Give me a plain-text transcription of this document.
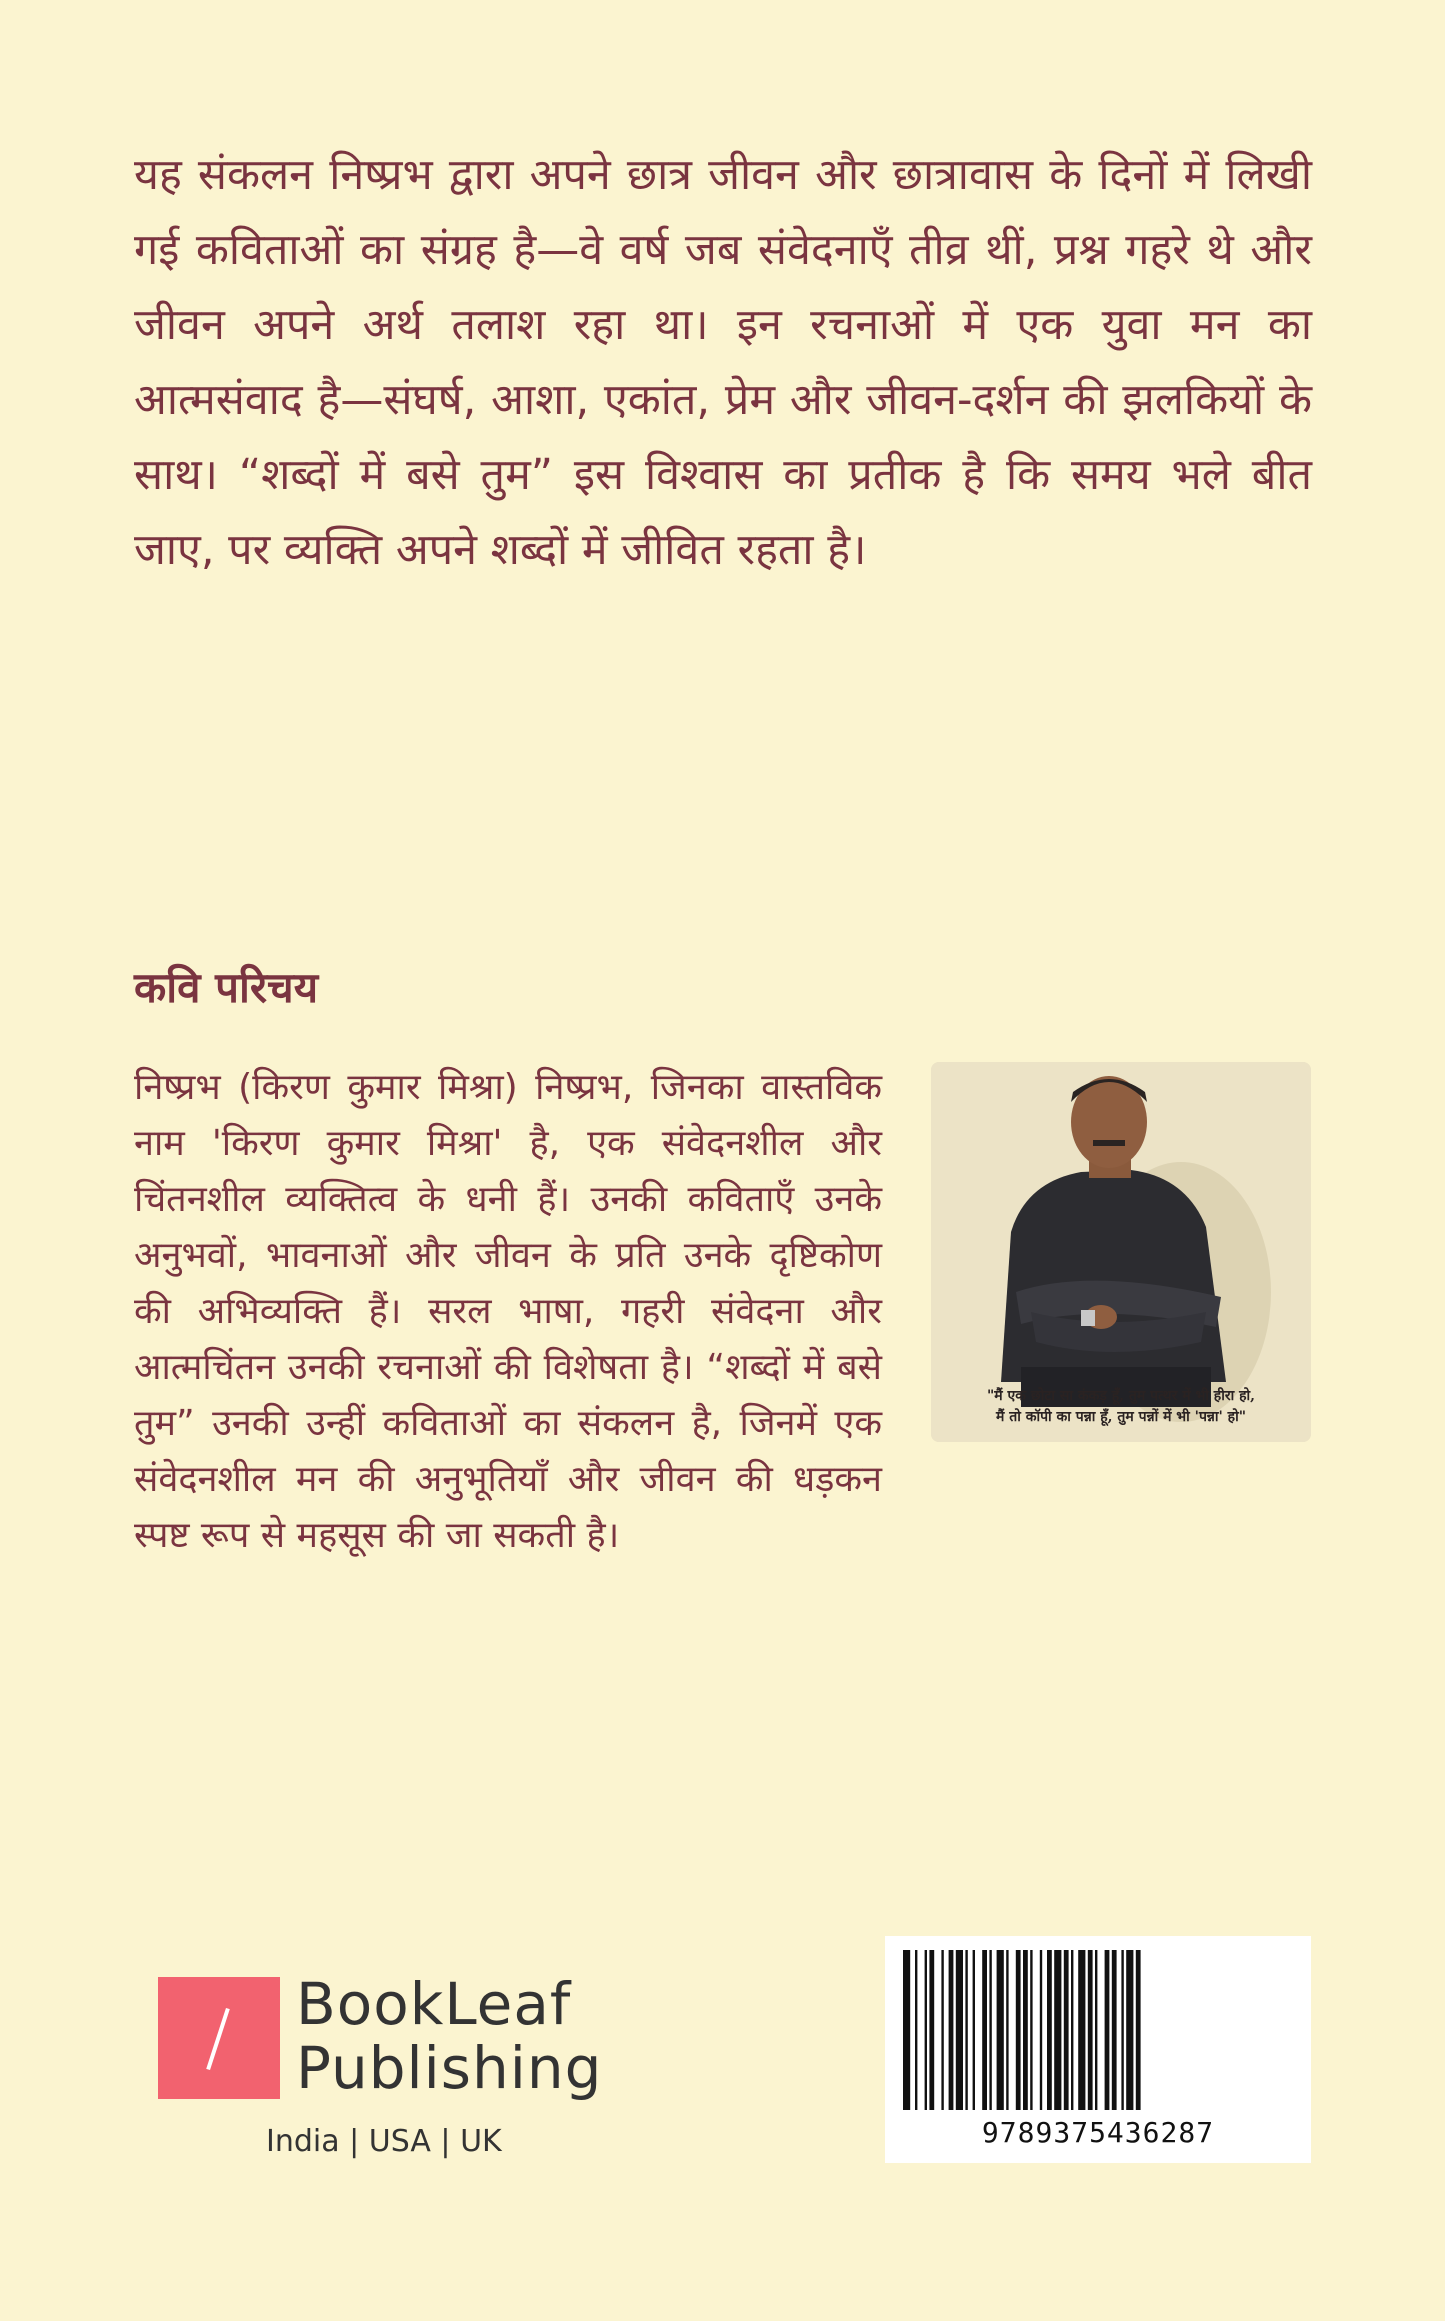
यह संकलन निष्प्रभ द्वारा अपने छात्र जीवन और छात्रावास के दिनों में लिखी गई कविताओं का संग्रह है—वे वर्ष जब संवेदनाएँ तीव्र थीं, प्रश्न गहरे थे और जीवन अपने अर्थ तलाश रहा था। इन रचनाओं में एक युवा मन का आत्मसंवाद है—संघर्ष, आशा, एकांत, प्रेम और जीवन-दर्शन की झलकियों के साथ। “शब्दों में बसे तुम” इस विश्वास का प्रतीक है कि समय भले बीत जाए, पर व्यक्ति अपने शब्दों में जीवित रहता है।

कवि परिचय

निष्प्रभ (किरण कुमार मिश्रा) निष्प्रभ, जिनका वास्तविक नाम 'किरण कुमार मिश्रा' है, एक संवेदनशील और चिंतनशील व्यक्तित्व के धनी हैं। उनकी कविताएँ उनके अनुभवों, भावनाओं और जीवन के प्रति उनके दृष्टिकोण की अभिव्यक्ति हैं। सरल भाषा, गहरी संवेदना और आत्मचिंतन उनकी रचनाओं की विशेषता है। “शब्दों में बसे तुम” उनकी उन्हीं कविताओं का संकलन है, जिनमें एक संवेदनशील मन की अनुभूतियाँ और जीवन की धड़कन स्पष्ट रूप से महसूस की जा सकती है।

"मैं एक छोटा सा कंकड़ हूँ, तुम पत्थर में भी हीरा हो,
मैं तो कॉपी का पन्ना हूँ, तुम पन्नों में भी 'पन्ना' हो"
BookLeaf
Publishing
India | USA | UK	9789375436287
